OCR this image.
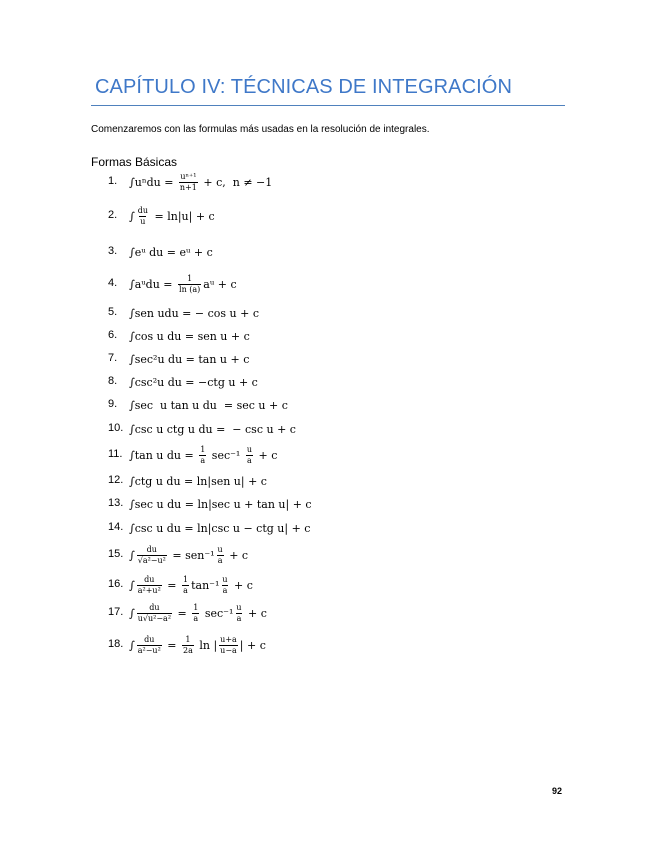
CAPÍTULO IV: TÉCNICAS DE INTEGRACIÓN
Comenzaremos con las formulas más usadas en la resolución de integrales.
Formas Básicas
1.	$\int u^ndu = \frac{\text{uⁿ⁺¹}}{n+1} + c$,  n ≠ −1
2.	∫ $\frac{du}{u} = \ln|u| + c$
3.	∫eᵘ du = eᵘ + c
4.	∫aᵘdu = $\frac{1}{\ln (a)}$ aᵘ + c
5.	∫sen udu = − cos u + c
6.	∫cos u du = sen u + c
7.	∫sec²u du = tan u + c
8.	∫csc²u du = −ctg u + c
9.	∫sec  u tan u du  = sec u + c
10. ∫csc u ctg u du =  − csc u + c
11. ∫tan u du = $\frac{1}{a} \sec^{-1} \frac{u}{a} + c$
12. ∫ctg u du = ln|sen u| + c
13. ∫sec u du = ln|sec u + tan u| + c
14. ∫csc u du = ln|csc u − ctg u| + c
15. ∫ $\frac{du}{\text{√a²−u²}} = sen^{-1} \frac{u}{a} + c$
16. ∫ $\frac{du}{\text{a²+u²}} = \frac{1}{a} \tan^{-1} \frac{u}{a} + c$
17. ∫ $\frac{du}{\text{u√u²−a²}} = \frac{1}{a} \sec^{-1} \frac{u}{a} + c$
18. ∫ $\frac{du}{\text{a²−u²}} = \frac{1}{2a}$ ln | $\frac{u+a}{u-a}$ | + c
92
